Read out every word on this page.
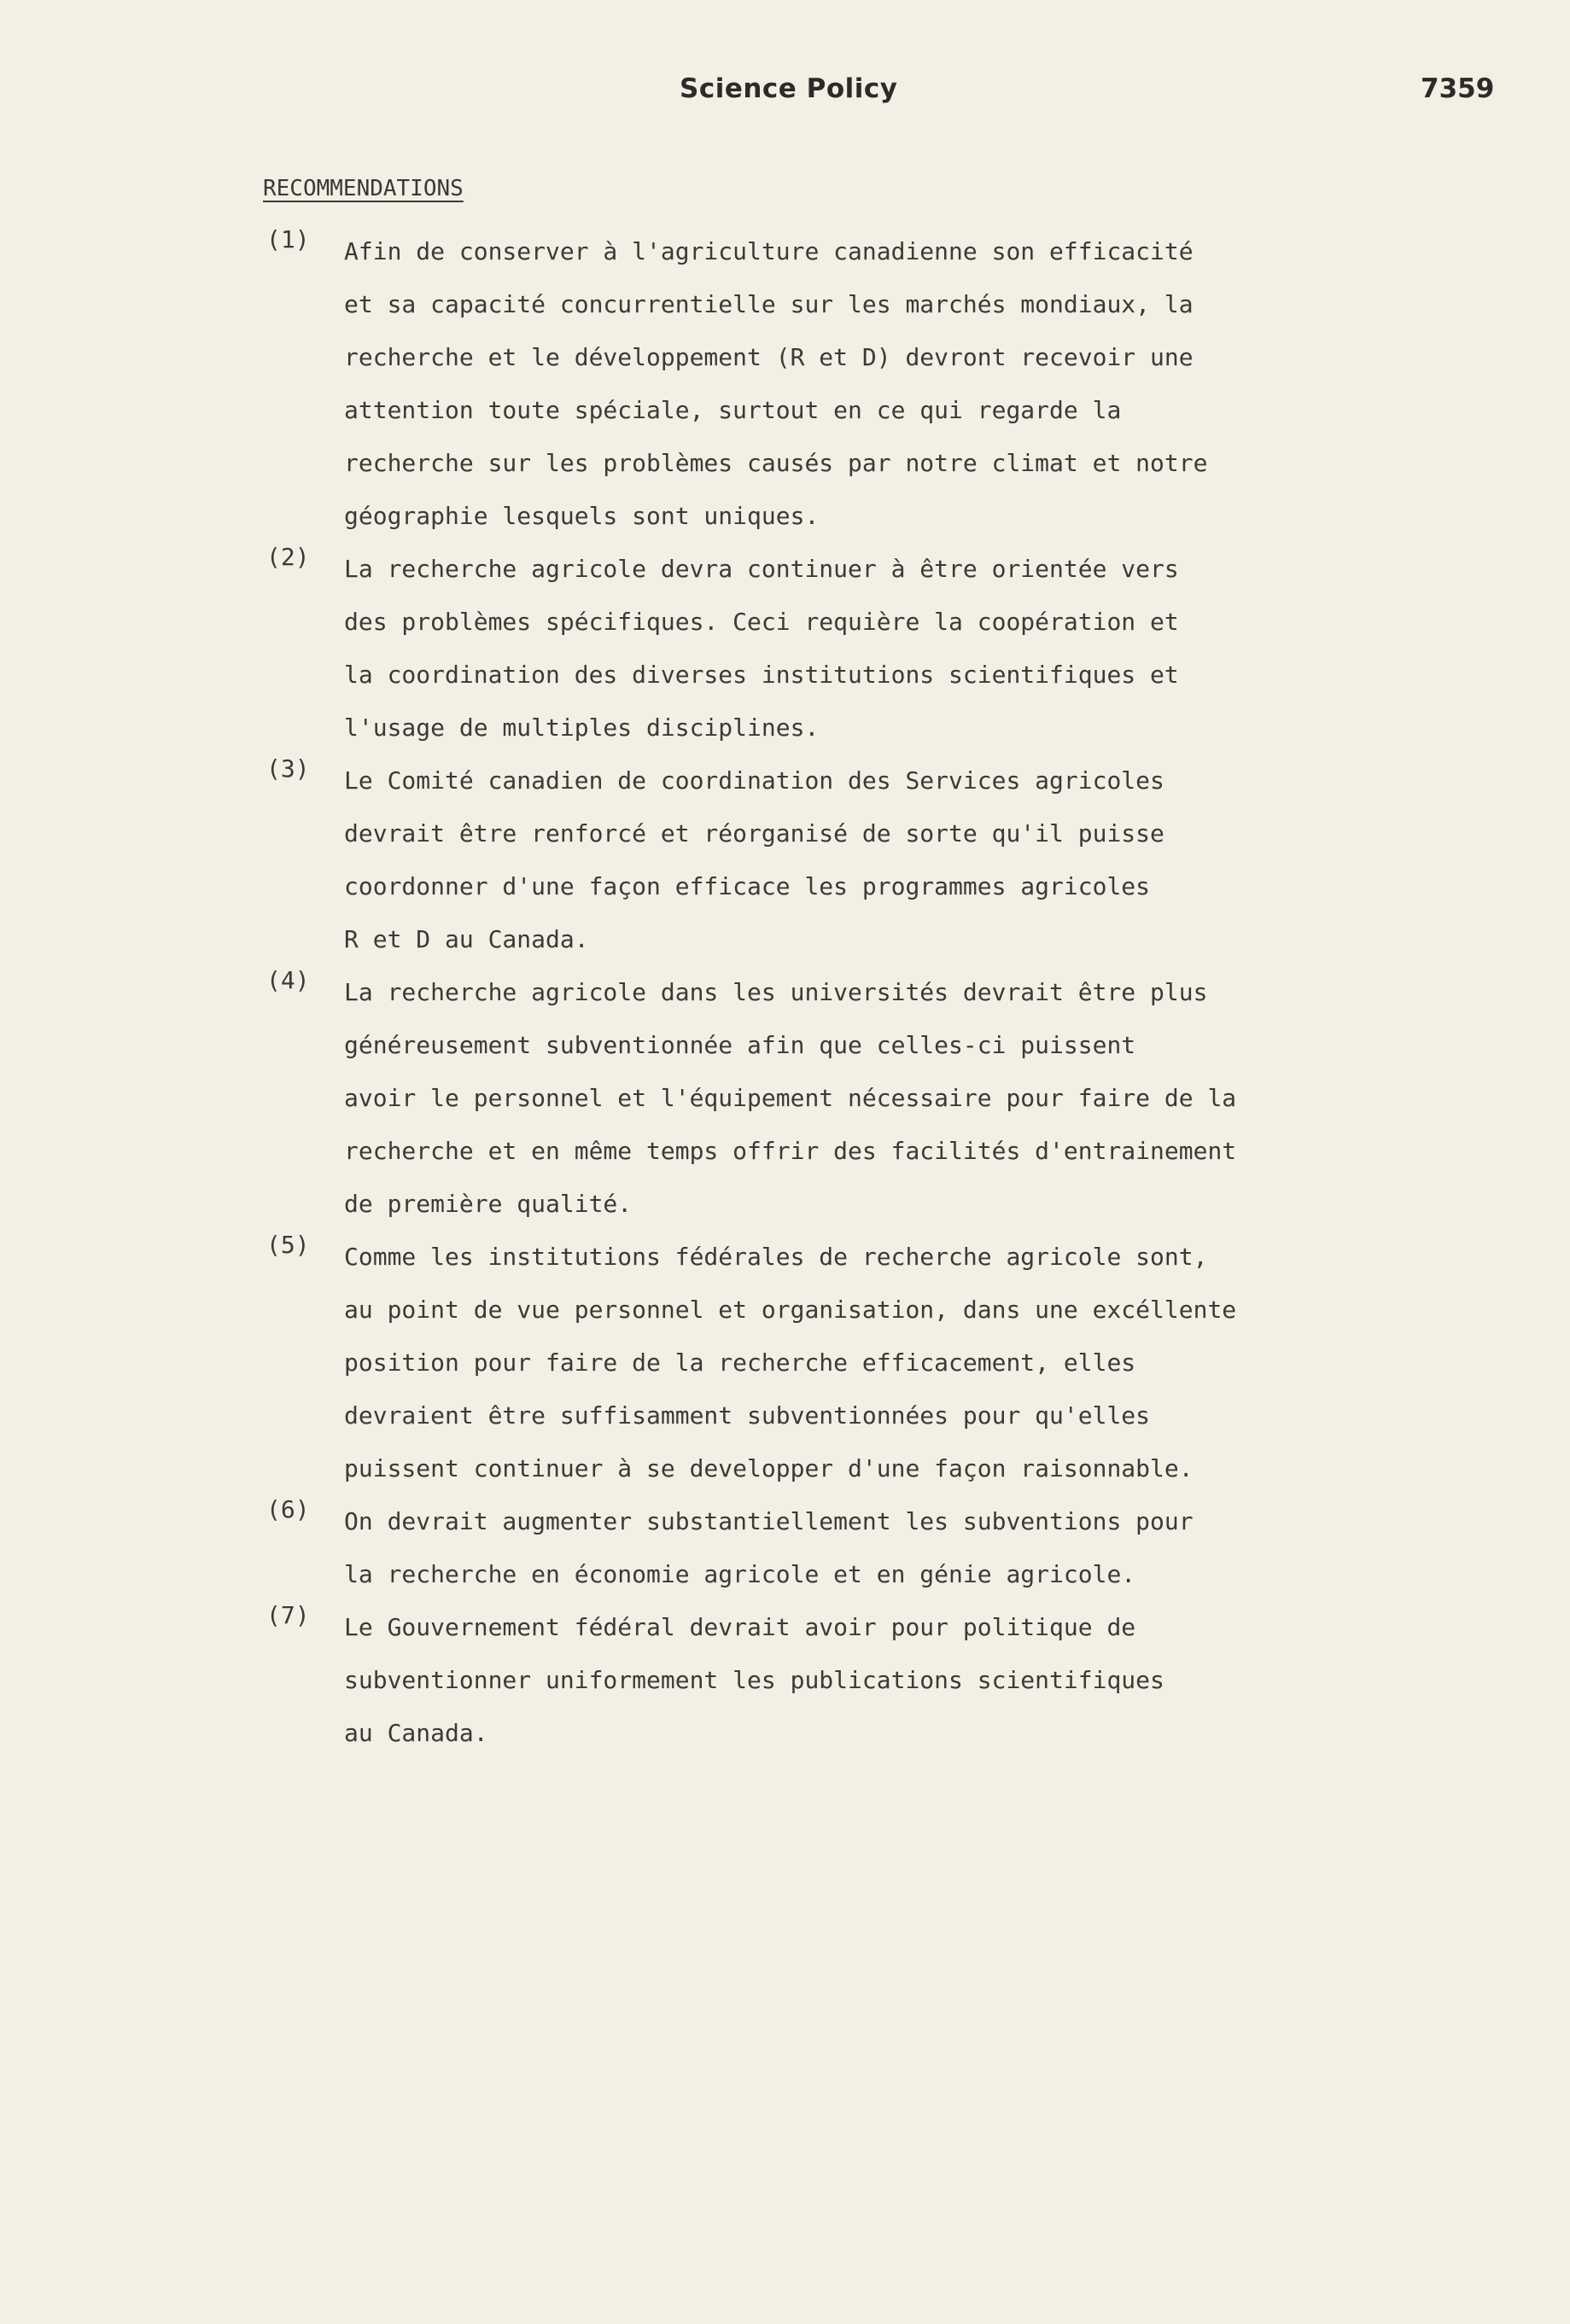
Science Policy	7359
RECOMMENDATIONS
(1) Afin de conserver à l'agriculture canadienne son efficacité
et sa capacité concurrentielle sur les marchés mondiaux, la
recherche et le développement (R et D) devront recevoir une
attention toute spéciale, surtout en ce qui regarde la
recherche sur les problèmes causés par notre climat et notre
géographie lesquels sont uniques.
(2) La recherche agricole devra continuer à être orientée vers
des problèmes spécifiques. Ceci requière la coopération et
la coordination des diverses institutions scientifiques et
l'usage de multiples disciplines.
(3) Le Comité canadien de coordination des Services agricoles
devrait être renforcé et réorganisé de sorte qu'il puisse
coordonner d'une façon efficace les programmes agricoles
R et D au Canada.
(4) La recherche agricole dans les universités devrait être plus
généreusement subventionnée afin que celles-ci puissent
avoir le personnel et l'équipement nécessaire pour faire de la
recherche et en même temps offrir des facilités d'entrainement
de première qualité.
(5) Comme les institutions fédérales de recherche agricole sont,
au point de vue personnel et organisation, dans une excéllente
position pour faire de la recherche efficacement, elles
devraient être suffisamment subventionnées pour qu'elles
puissent continuer à se developper d'une façon raisonnable.
(6) On devrait augmenter substantiellement les subventions pour
la recherche en économie agricole et en génie agricole.
(7) Le Gouvernement fédéral devrait avoir pour politique de
subventionner uniformement les publications scientifiques
au Canada.
